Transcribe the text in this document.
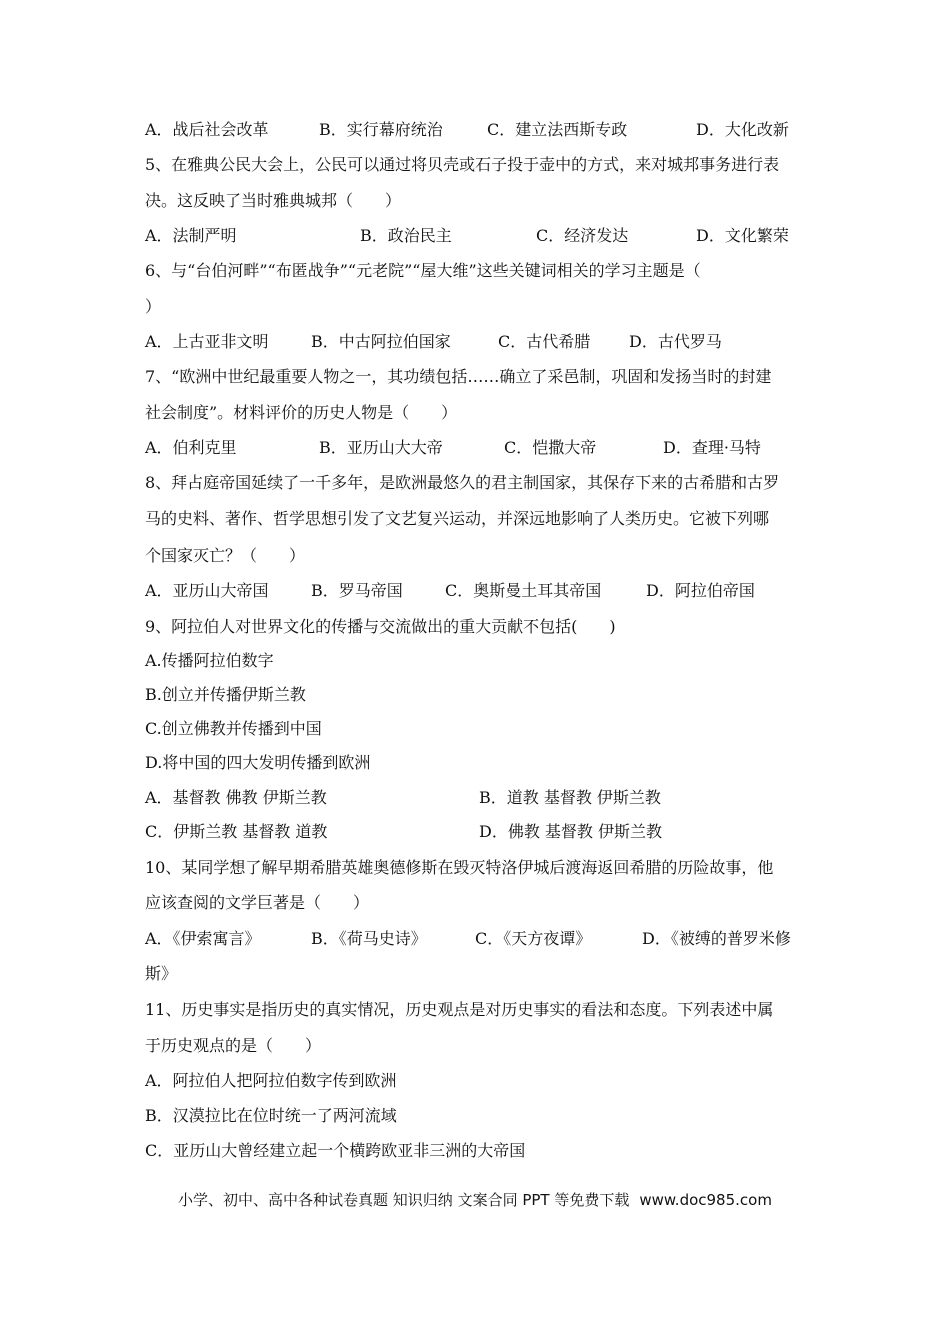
A．战后社会改革	B．实行幕府统治	C．建立法西斯专政	D．大化改新
5、在雅典公民大会上，公民可以通过将贝壳或石子投于壶中的方式，来对城邦事务进行表
决。这反映了当时雅典城邦（　　）
A．法制严明	B．政治民主	C．经济发达	D．文化繁荣
6、与“台伯河畔”“布匿战争”“元老院”“屋大维”这些关键词相关的学习主题是（
）
A．上古亚非文明	B．中古阿拉伯国家	C．古代希腊 D．古代罗马
7、“欧洲中世纪最重要人物之一，其功绩包括……确立了采邑制，巩固和发扬当时的封建
社会制度”。材料评价的历史人物是（　　）
A．伯利克里	B．亚历山大大帝	C．恺撒大帝	D．查理·马特
8、拜占庭帝国延续了一千多年，是欧洲最悠久的君主制国家，其保存下来的古希腊和古罗
马的史料、著作、哲学思想引发了文艺复兴运动，并深远地影响了人类历史。它被下列哪
个国家灭亡？（　　）
A．亚历山大帝国	B．罗马帝国	C．奥斯曼土耳其帝国	D．阿拉伯帝国
9、阿拉伯人对世界文化的传播与交流做出的重大贡献不包括(　　)
A.传播阿拉伯数字
B.创立并传播伊斯兰教
C.创立佛教并传播到中国
D.将中国的四大发明传播到欧洲
A．基督教 佛教 伊斯兰教	B．道教 基督教 伊斯兰教
C．伊斯兰教 基督教 道教	D．佛教 基督教 伊斯兰教
10、某同学想了解早期希腊英雄奥德修斯在毁灭特洛伊城后渡海返回希腊的历险故事，他
应该查阅的文学巨著是（　　）
A．《伊索寓言》	B．《荷马史诗》	C．《天方夜谭》	D．《被缚的普罗米修
斯》
11、历史事实是指历史的真实情况，历史观点是对历史事实的看法和态度。下列表述中属
于历史观点的是（　　）
A．阿拉伯人把阿拉伯数字传到欧洲
B．汉漠拉比在位时统一了两河流域
C．亚历山大曾经建立起一个横跨欧亚非三洲的大帝国
小学、初中、高中各种试卷真题 知识归纳 文案合同 PPT 等免费下载 www.doc985.com
